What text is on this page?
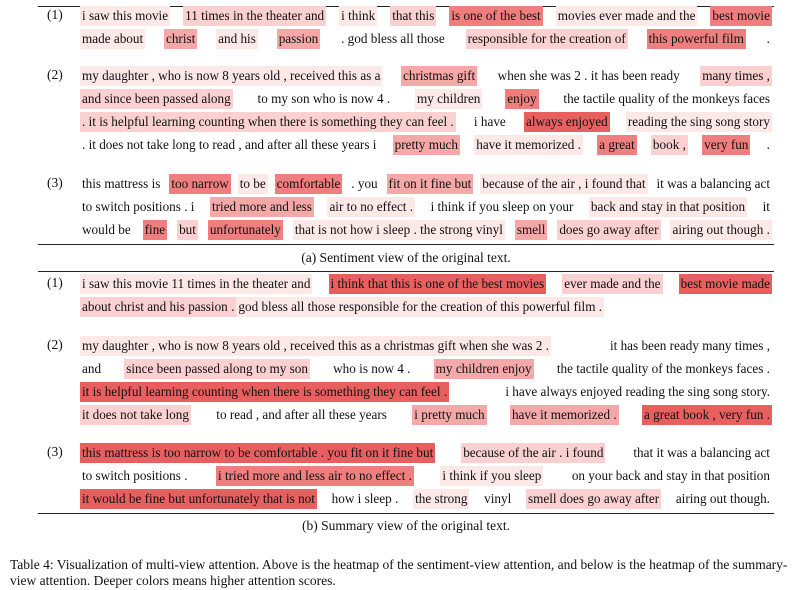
(1) i saw this movie 11 times in the theater and i think that this is one of the best movies ever made and the best movie
made about christ and his passion . god bless all those responsible for the creation of this powerful film .
(2) my daughter , who is now 8 years old , received this as a christmas gift when she was 2 . it has been ready many times ,
and since been passed along to my son who is now 4 . my children enjoy the tactile quality of the monkeys faces
. it is helpful learning counting when there is something they can feel . i have always enjoyed reading the sing song story
. it does not take long to read , and after all these years i pretty much have it memorized . a great book , very fun .
(3) this mattress is too narrow to be comfortable . you fit on it fine but because of the air , i found that it was a balancing act
to switch positions . i tried more and less air to no effect . i think if you sleep on your back and stay in that position it
would be fine but unfortunately that is not how i sleep . the strong vinyl smell does go away after airing out though .
(a) Sentiment view of the original text.
(1) i saw this movie 11 times in the theater and i think that this is one of the best movies ever made and the best movie made
about christ and his passion . god bless all those responsible for the creation of this powerful film .
(2) my daughter , who is now 8 years old , received this as a christmas gift when she was 2 .	it has been ready many times ,
and since been passed along to my son who is now 4 . my children enjoy the tactile quality of the monkeys faces .
it is helpful learning counting when there is something they can feel .	i have always enjoyed reading the sing song story.
it does not take long to read , and after all these years i pretty much have it memorized . a great book , very fun .
(3) this mattress is too narrow to be comfortable . you fit on it fine but because of the air . i found that it was a balancing act
to switch positions . i tried more and less air to no effect . i think if you sleep on your back and stay in that position
it would be fine but unfortunately that is not how i sleep . the strong vinyl smell does go away after airing out though.
(b) Summary view of the original text.
Table 4: Visualization of multi-view attention. Above is the heatmap of the sentiment-view attention, and below is the heatmap of the summary-view attention. Deeper colors means higher attention scores.
